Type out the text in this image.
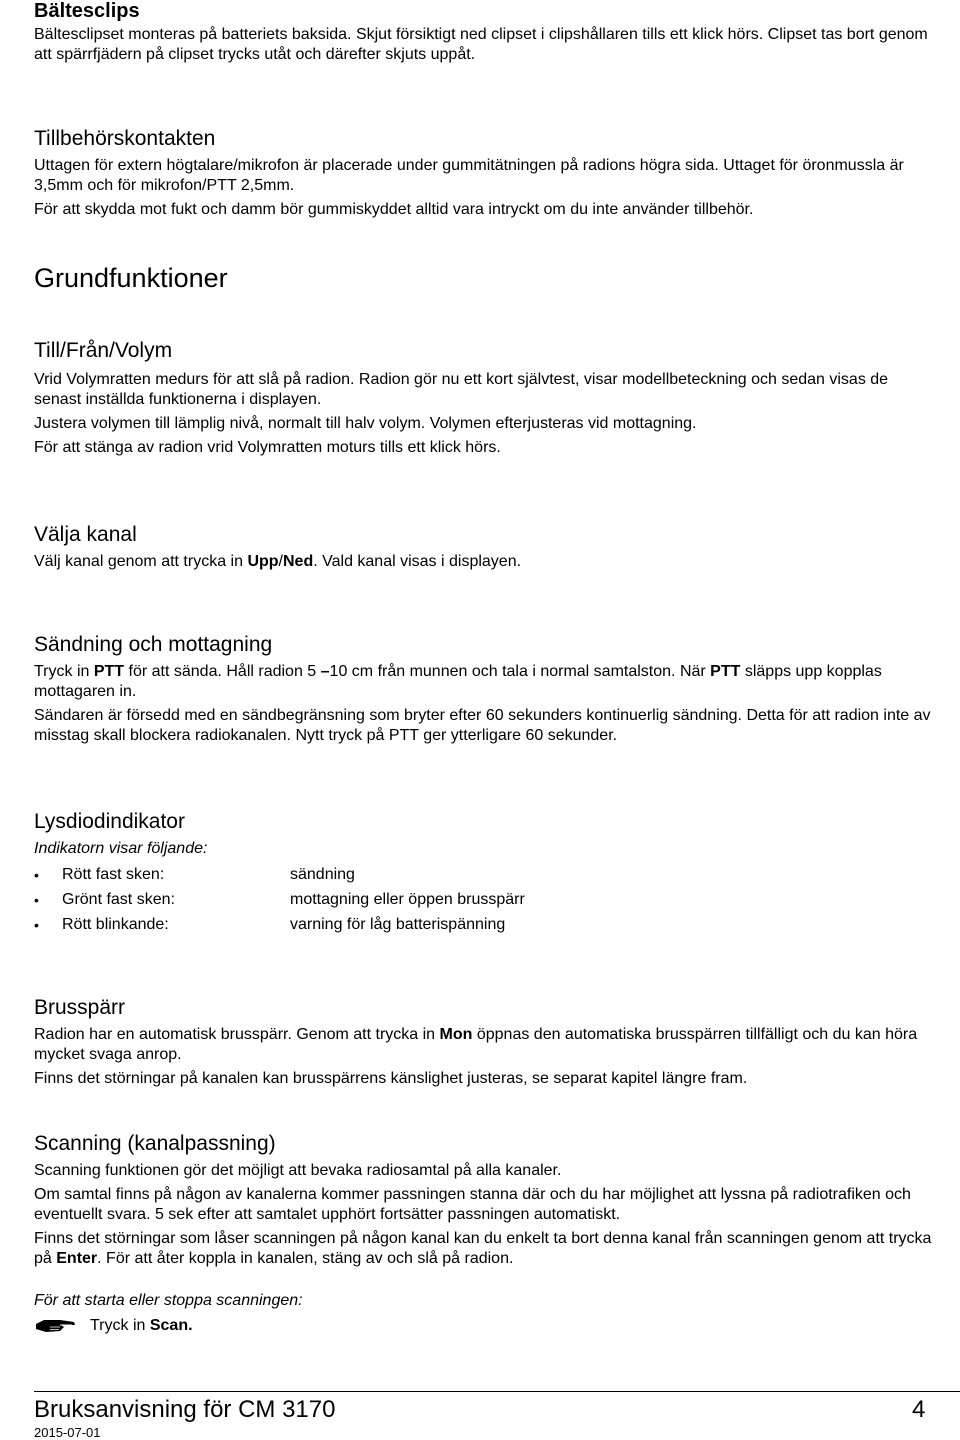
Bältesclips

Bältesclipset monteras på batteriets baksida. Skjut försiktigt ned clipset i clipshållaren tills ett klick hörs. Clipset tas bort genom att spärrfjädern på clipset trycks utåt och därefter skjuts uppåt.

Tillbehörskontakten

Uttagen för extern högtalare/mikrofon är placerade under gummitätningen på radions högra sida. Uttaget för öronmussla är 3,5mm och för mikrofon/PTT 2,5mm.

För att skydda mot fukt och damm bör gummiskyddet alltid vara intryckt om du inte använder tillbehör.

Grundfunktioner
Till/Från/Volym

Vrid Volymratten medurs för att slå på radion. Radion gör nu ett kort självtest, visar modellbeteckning och sedan visas de senast inställda funktionerna i displayen.

Justera volymen till lämplig nivå, normalt till halv volym. Volymen efterjusteras vid mottagning.

För att stänga av radion vrid Volymratten moturs tills ett klick hörs.

Välja kanal

Välj kanal genom att trycka in Upp/Ned. Vald kanal visas i displayen.

Sändning och mottagning

Tryck in PTT för att sända. Håll radion 5 –10 cm från munnen och tala i normal samtalston. När PTT släpps upp kopplas mottagaren in.

Sändaren är försedd med en sändbegränsning som bryter efter 60 sekunders kontinuerlig sändning. Detta för att radion inte av misstag skall blockera radiokanalen. Nytt tryck på PTT ger ytterligare 60 sekunder.

Lysdiodindikator

Indikatorn visar följande:

•	Rött fast sken:	sändning
•	Grönt fast sken:	mottagning eller öppen brusspärr
•	Rött blinkande:	varning för låg batterispänning
Brusspärr

Radion har en automatisk brusspärr. Genom att trycka in Mon öppnas den automatiska brusspärren tillfälligt och du kan höra mycket svaga anrop.

Finns det störningar på kanalen kan brusspärrens känslighet justeras, se separat kapitel längre fram.

Scanning (kanalpassning)

Scanning funktionen gör det möjligt att bevaka radiosamtal på alla kanaler.

Om samtal finns på någon av kanalerna kommer passningen stanna där och du har möjlighet att lyssna på radiotrafiken och eventuellt svara. 5 sek efter att samtalet upphört fortsätter passningen automatiskt.

Finns det störningar som låser scanningen på någon kanal kan du enkelt ta bort denna kanal från scanningen genom att trycka på Enter. För att åter koppla in kanalen, stäng av och slå på radion.

För att starta eller stoppa scanningen:

Tryck in Scan.

Bruksanvisning för CM 3170	4
2015-07-01
